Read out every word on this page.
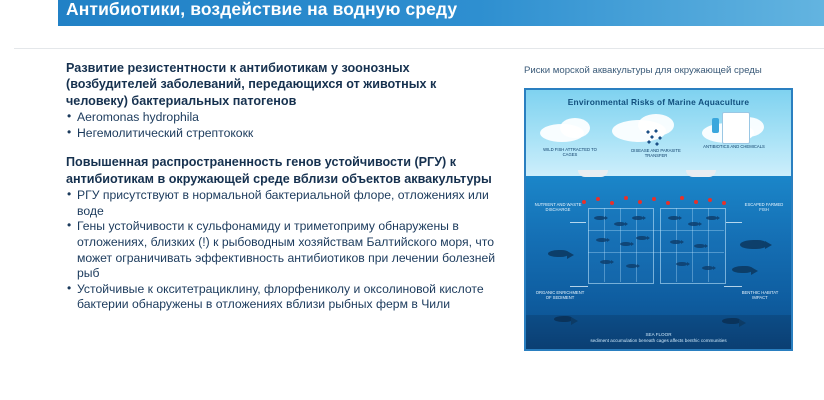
Антибиотики, воздействие на водную среду
Развитие резистентности к антибиотикам у зоонозных (возбудителей заболеваний, передающихся от животных к человеку) бактериальных патогенов
• Aeromonas hydrophila
• Негемолитический стрептококк
Повышенная распространенность генов устойчивости (РГУ) к антибиотикам в окружающей среде вблизи объектов аквакультуры
• РГУ присутствуют в нормальной бактериальной флоре, отложениях или воде
• Гены устойчивости к сульфонамиду и триметоприму обнаружены в отложениях, близких (!) к рыбоводным хозяйствам Балтийского моря, что может ограничивать эффективность антибиотиков при лечении болезней рыб
• Устойчивые к окситетрациклину, флорфениколу и оксолиновой кислоте бактерии обнаружены в отложениях вблизи рыбных ферм в Чили
Риски морской аквакультуры для окружающей среды
Environmental Risks of Marine Aquaculture
ANTIBIOTICS AND CHEMICALS
DISEASE AND PARASITE TRANSFER
WILD FISH ATTRACTED TO CAGES
NUTRIENT AND WASTE DISCHARGE
ESCAPED FARMED FISH
ORGANIC ENRICHMENT OF SEDIMENT
BENTHIC HABITAT IMPACT
SEA FLOOR
sediment accumulation beneath cages affects benthic communities
